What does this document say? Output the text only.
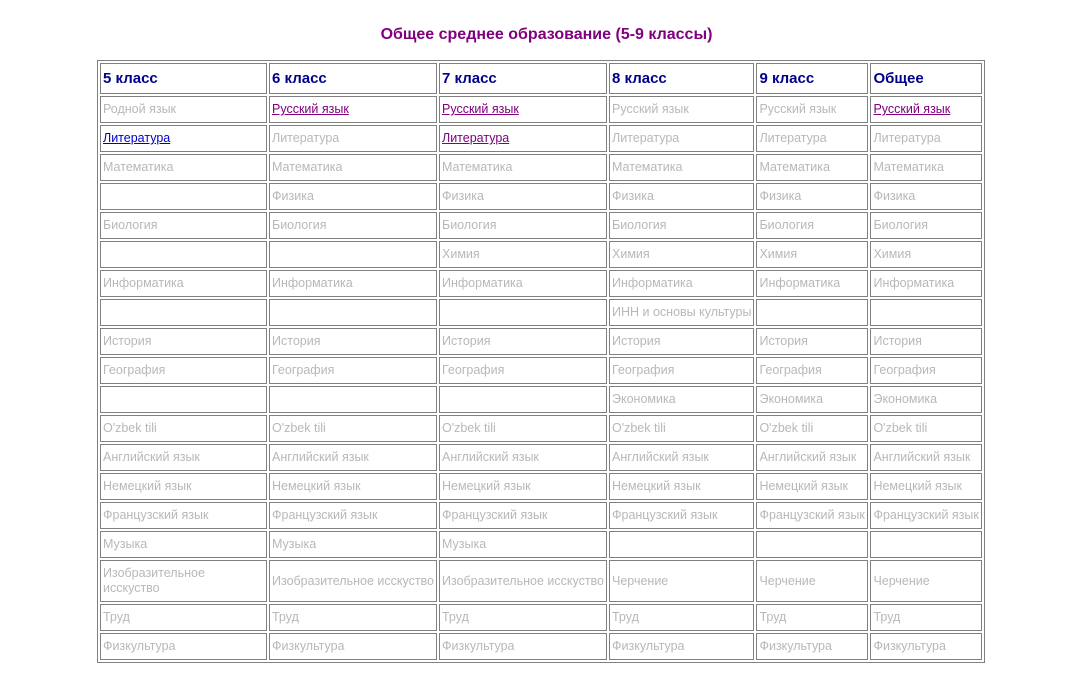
Общее среднее образование (5-9 классы)
5 класс	6 класс	7 класс	8 класс	9 класс	Общее
Родной язык	Русский язык	Русский язык	Русский язык	Русский язык	Русский язык
Литература	Литература	Литература	Литература	Литература	Литература
Математика	Математика	Математика	Математика	Математика	Математика
	Физика	Физика	Физика	Физика	Физика
Биология	Биология	Биология	Биология	Биология	Биология
		Химия	Химия	Химия	Химия
Информатика	Информатика	Информатика	Информатика	Информатика	Информатика
			ИНН и основы культуры		
История	История	История	История	История	История
География	География	География	География	География	География
			Экономика	Экономика	Экономика
O'zbek tili	O'zbek tili	O'zbek tili	O'zbek tili	O'zbek tili	O'zbek tili
Английский язык	Английский язык	Английский язык	Английский язык	Английский язык	Английский язык
Немецкий язык	Немецкий язык	Немецкий язык	Немецкий язык	Немецкий язык	Немецкий язык
Французский язык	Французский язык	Французский язык	Французский язык	Французский язык	Французский язык
Музыка	Музыка	Музыка			
Изобразительное исскуство	Изобразительное исскуство	Изобразительное исскуство	Черчение	Черчение	Черчение
Труд	Труд	Труд	Труд	Труд	Труд
Физкультура	Физкультура	Физкультура	Физкультура	Физкультура	Физкультура
